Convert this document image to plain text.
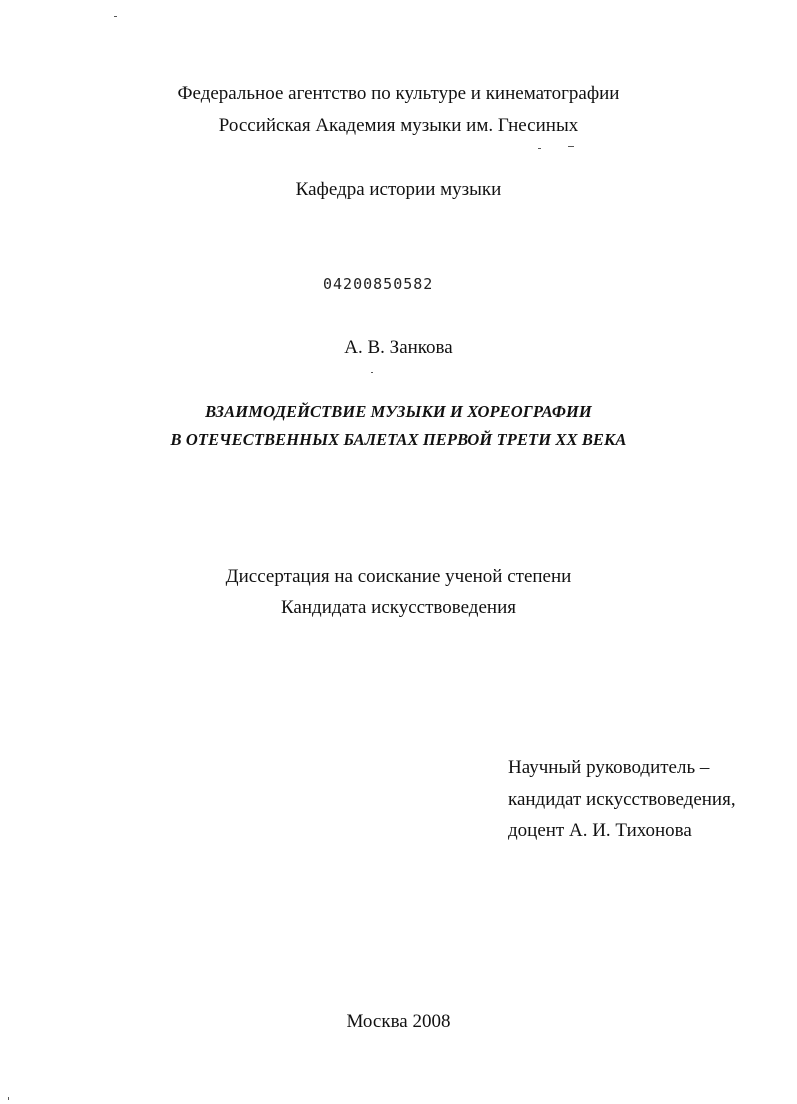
Федеральное агентство по культуре и кинематографии
Российская Академия музыки им. Гнесиных
Кафедра истории музыки
04200850582
А. В. Занкова
ВЗАИМОДЕЙСТВИЕ МУЗЫКИ И ХОРЕОГРАФИИ
В ОТЕЧЕСТВЕННЫХ БАЛЕТАХ ПЕРВОЙ ТРЕТИ XX ВЕКА
Диссертация на соискание ученой степени
Кандидата искусствоведения
Научный руководитель –
кандидат искусствоведения,
доцент А. И. Тихонова
Москва 2008
